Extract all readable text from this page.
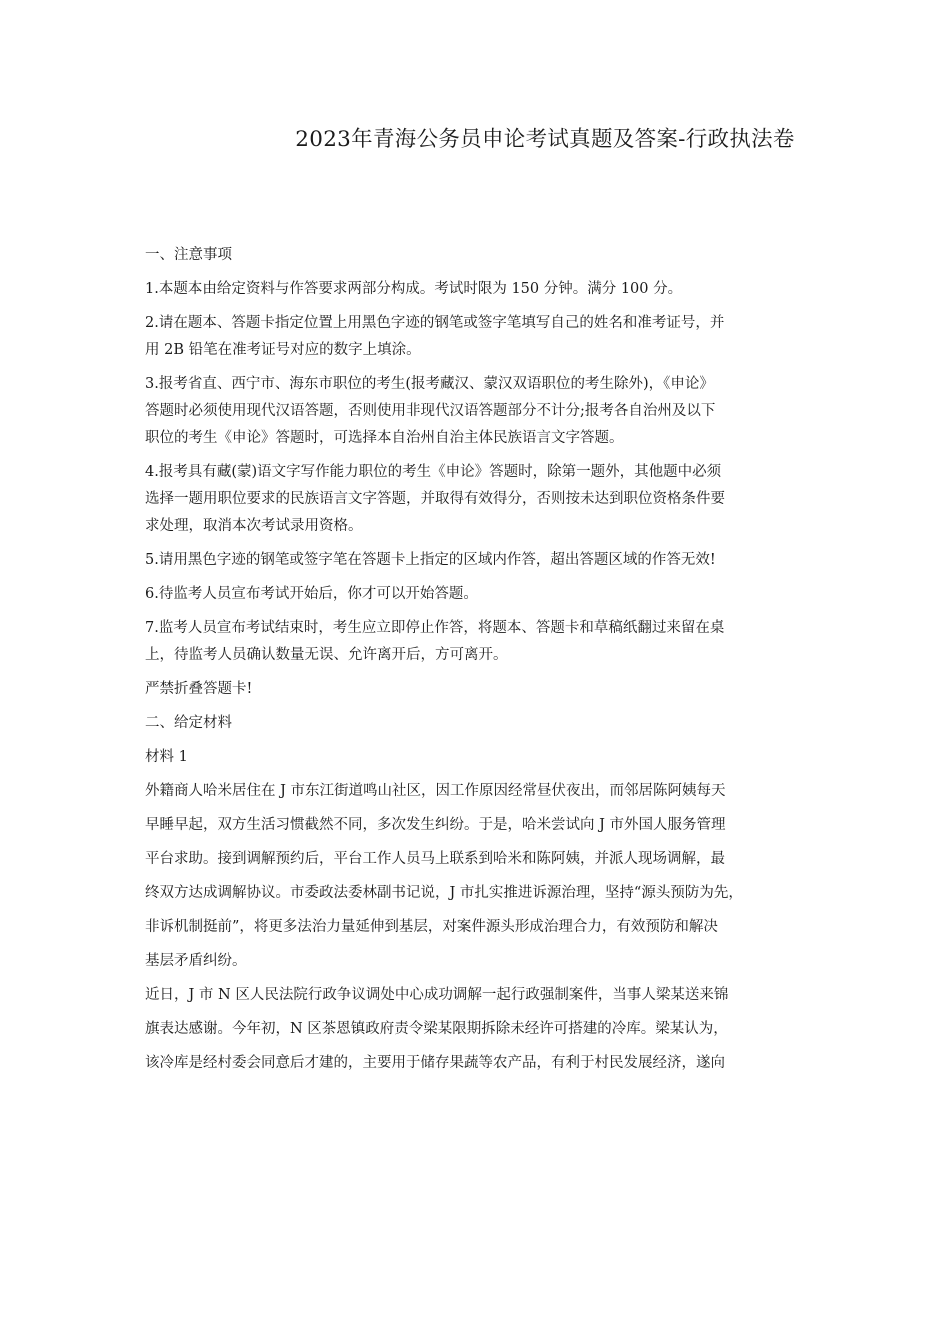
2023年青海公务员申论考试真题及答案-行政执法卷
一、注意事项
1.本题本由给定资料与作答要求两部分构成。考试时限为 150 分钟。满分 100 分。
2.请在题本、答题卡指定位置上用黑色字迹的钢笔或签字笔填写自己的姓名和准考证号，并
用 2B 铅笔在准考证号对应的数字上填涂。
3.报考省直、西宁市、海东市职位的考生(报考藏汉、蒙汉双语职位的考生除外)，《申论》
答题时必须使用现代汉语答题，否则使用非现代汉语答题部分不计分;报考各自治州及以下
职位的考生《申论》答题时，可选择本自治州自治主体民族语言文字答题。
4.报考具有藏(蒙)语文字写作能力职位的考生《申论》答题时，除第一题外，其他题中必须
选择一题用职位要求的民族语言文字答题，并取得有效得分，否则按未达到职位资格条件要
求处理，取消本次考试录用资格。
5.请用黑色字迹的钢笔或签字笔在答题卡上指定的区域内作答，超出答题区域的作答无效!
6.待监考人员宣布考试开始后，你才可以开始答题。
7.监考人员宣布考试结束时，考生应立即停止作答，将题本、答题卡和草稿纸翻过来留在桌
上，待监考人员确认数量无误、允许离开后，方可离开。
严禁折叠答题卡!
二、给定材料
材料 1
外籍商人哈米居住在 J 市东江街道鸣山社区，因工作原因经常昼伏夜出，而邻居陈阿姨每天
早睡早起，双方生活习惯截然不同，多次发生纠纷。于是，哈米尝试向 J 市外国人服务管理
平台求助。接到调解预约后，平台工作人员马上联系到哈米和陈阿姨，并派人现场调解，最
终双方达成调解协议。市委政法委林副书记说，J 市扎实推进诉源治理，坚持“源头预防为先，
非诉机制挺前”，将更多法治力量延伸到基层，对案件源头形成治理合力，有效预防和解决
基层矛盾纠纷。
近日，J 市 N 区人民法院行政争议调处中心成功调解一起行政强制案件，当事人梁某送来锦
旗表达感谢。今年初，N 区茶恩镇政府责令梁某限期拆除未经许可搭建的冷库。梁某认为，
该冷库是经村委会同意后才建的，主要用于储存果蔬等农产品，有利于村民发展经济，遂向
